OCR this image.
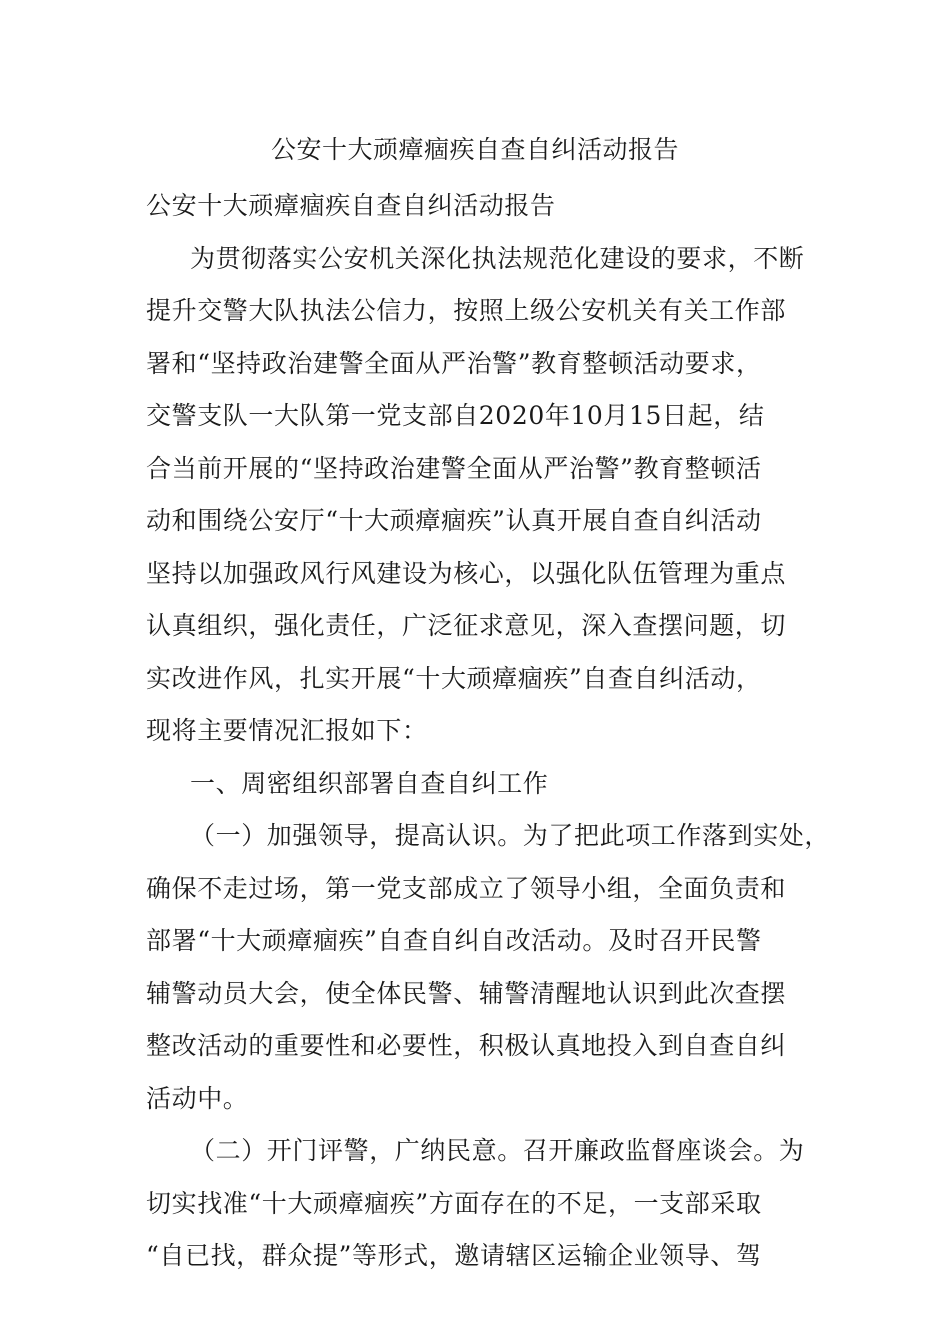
公安十大顽瘴痼疾自查自纠活动报告
公安十大顽瘴痼疾自查自纠活动报告
为贯彻落实公安机关深化执法规范化建设的要求，不断
提升交警大队执法公信力，按照上级公安机关有关工作部
署和“坚持政治建警全面从严治警”教育整顿活动要求，
交警支队一大队第一党支部自2020年10月15日起，结
合当前开展的“坚持政治建警全面从严治警”教育整顿活
动和围绕公安厅“十大顽瘴痼疾”认真开展自查自纠活动
坚持以加强政风行风建设为核心，以强化队伍管理为重点
认真组织，强化责任，广泛征求意见，深入查摆问题，切
实改进作风，扎实开展“十大顽瘴痼疾”自查自纠活动，
现将主要情况汇报如下：
一、周密组织部署自查自纠工作
（一）加强领导，提高认识。为了把此项工作落到实处，
确保不走过场，第一党支部成立了领导小组，全面负责和
部署“十大顽瘴痼疾”自查自纠自改活动。及时召开民警
辅警动员大会，使全体民警、辅警清醒地认识到此次查摆
整改活动的重要性和必要性，积极认真地投入到自查自纠
活动中。
（二）开门评警，广纳民意。召开廉政监督座谈会。为
切实找准“十大顽瘴痼疾”方面存在的不足，一支部采取
“自已找，群众提”等形式，邀请辖区运输企业领导、驾
